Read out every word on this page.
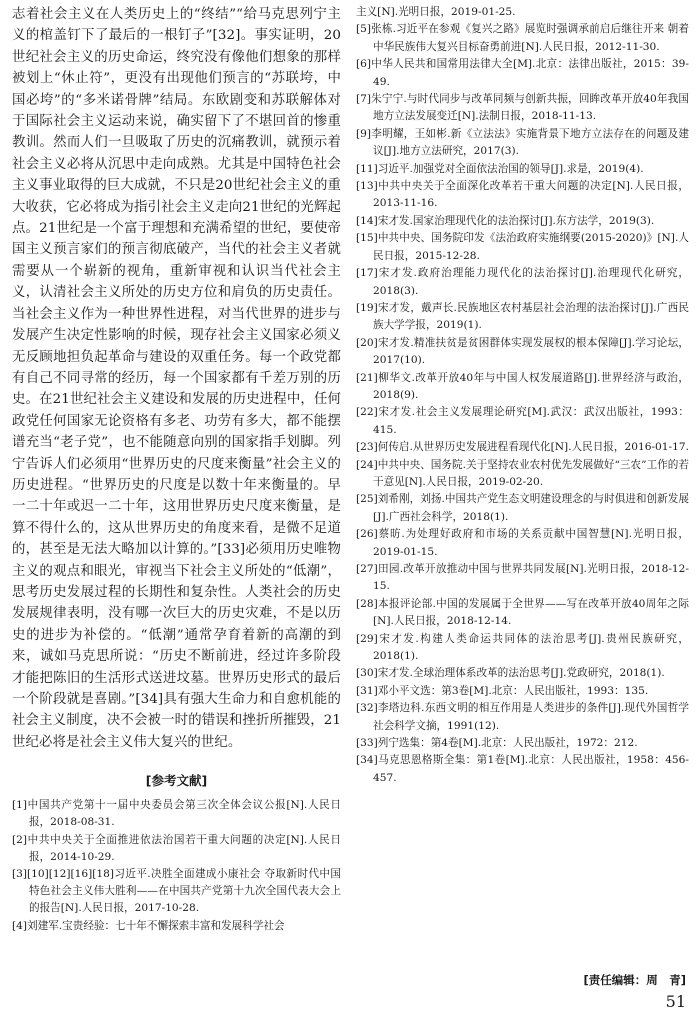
志着社会主义在人类历史上的“终结”“给马克思列宁主义的棺盖钉下了最后的一根钉子”[32]。事实证明，20世纪社会主义的历史命运，终究没有像他们想象的那样被划上“休止符”，更没有出现他们预言的“苏联垮，中国必垮”的“多米诺骨牌”结局。东欧剧变和苏联解体对于国际社会主义运动来说，确实留下了不堪回首的惨重教训。然而人们一旦吸取了历史的沉痛教训，就预示着社会主义必将从沉思中走向成熟。尤其是中国特色社会主义事业取得的巨大成就，不只是20世纪社会主义的重大收获，它必将成为指引社会主义走向21世纪的光辉起点。21世纪是一个富于理想和充满希望的世纪，要使帝国主义预言家们的预言彻底破产，当代的社会主义者就需要从一个崭新的视角，重新审视和认识当代社会主义，认清社会主义所处的历史方位和肩负的历史责任。当社会主义作为一种世界性进程，对当代世界的进步与发展产生决定性影响的时候，现存社会主义国家必须义无反顾地担负起革命与建设的双重任务。每一个政党都有自己不同寻常的经历，每一个国家都有千差万别的历史。在21世纪社会主义建设和发展的历史进程中，任何政党任何国家无论资格有多老、功劳有多大，都不能摆谱充当“老子党”，也不能随意向别的国家指手划脚。列宁告诉人们必须用“世界历史的尺度来衡量”社会主义的历史进程。“世界历史的尺度是以数十年来衡量的。早一二十年或迟一二十年，这用世界历史尺度来衡量，是算不得什么的，这从世界历史的角度来看，是微不足道的，甚至是无法大略加以计算的。”[33]必须用历史唯物主义的观点和眼光，审视当下社会主义所处的“低潮”，思考历史发展过程的长期性和复杂性。人类社会的历史发展规律表明，没有哪一次巨大的历史灾难，不是以历史的进步为补偿的。“低潮”通常孕育着新的高潮的到来，诚如马克思所说：“历史不断前进，经过许多阶段才能把陈旧的生活形式送进坟墓。世界历史形式的最后一个阶段就是喜剧。”[34]具有强大生命力和自愈机能的社会主义制度，决不会被一时的错误和挫折所摧毁，21世纪必将是社会主义伟大复兴的世纪。

[参考文献]
[1]中国共产党第十一届中央委员会第三次全体会议公报[N].人民日报，2018-08-31.
[2]中共中央关于全面推进依法治国若干重大问题的决定[N].人民日报，2014-10-29.
[3][10][12][16][18]习近平.决胜全面建成小康社会 夺取新时代中国特色社会主义伟大胜利——在中国共产党第十九次全国代表大会上的报告[N].人民日报，2017-10-28.
[4]刘建军.宝贵经验：七十年不懈探索丰富和发展科学社会
主义[N].光明日报，2019-01-25.
[5]张栋.习近平在参观《复兴之路》展览时强调承前启后继往开来 朝着中华民族伟大复兴目标奋勇前进[N].人民日报，2012-11-30.
[6]中华人民共和国常用法律大全[M].北京：法律出版社，2015：39-49.
[7]朱宁宁.与时代同步与改革同频与创新共振，回眸改革开放40年我国地方立法发展变迁[N].法制日报，2018-11-13.
[9]李明耀，王如彬.新《立法法》实施背景下地方立法存在的问题及建议[J].地方立法研究，2017(3).
[11]习近平.加强党对全面依法治国的领导[J].求是，2019(4).
[13]中共中央关于全面深化改革若干重大问题的决定[N].人民日报，2013-11-16.
[14]宋才发.国家治理现代化的法治探讨[J].东方法学，2019(3).
[15]中共中央、国务院印发《法治政府实施纲要(2015-2020)》[N].人民日报，2015-12-28.
[17]宋才发.政府治理能力现代化的法治探讨[J].治理现代化研究，2018(3).
[19]宋才发，戴声长.民族地区农村基层社会治理的法治探讨[J].广西民族大学学报，2019(1).
[20]宋才发.精准扶贫是贫困群体实现发展权的根本保障[J].学习论坛，2017(10).
[21]柳华文.改革开放40年与中国人权发展道路[J].世界经济与政治，2018(9).
[22]宋才发.社会主义发展理论研究[M].武汉：武汉出版社，1993：415.
[23]何传启.从世界历史发展进程看现代化[N].人民日报，2016-01-17.
[24]中共中央、国务院.关于坚持农业农村优先发展做好“三农”工作的若干意见[N].人民日报，2019-02-20.
[25]刘希刚，刘扬.中国共产党生态文明建设理念的与时俱进和创新发展[J].广西社会科学，2018(1).
[26]蔡昉.为处理好政府和市场的关系贡献中国智慧[N].光明日报，2019-01-15.
[27]田园.改革开放推动中国与世界共同发展[N].光明日报，2018-12-15.
[28]本报评论部.中国的发展属于全世界——写在改革开放40周年之际[N].人民日报，2018-12-14.
[29]宋才发.构建人类命运共同体的法治思考[J].贵州民族研究，2018(1).
[30]宋才发.全球治理体系改革的法治思考[J].党政研究，2018(1).
[31]邓小平文选：第3卷[M].北京：人民出版社，1993：135.
[32]李塔边科.东西文明的相互作用是人类进步的条件[J].现代外国哲学社会科学文摘，1991(12).
[33]列宁选集：第4卷[M].北京：人民出版社，1972：212.
[34]马克思恩格斯全集：第1卷[M].北京：人民出版社，1958：456-457.
[责任编辑：周　青]
51
